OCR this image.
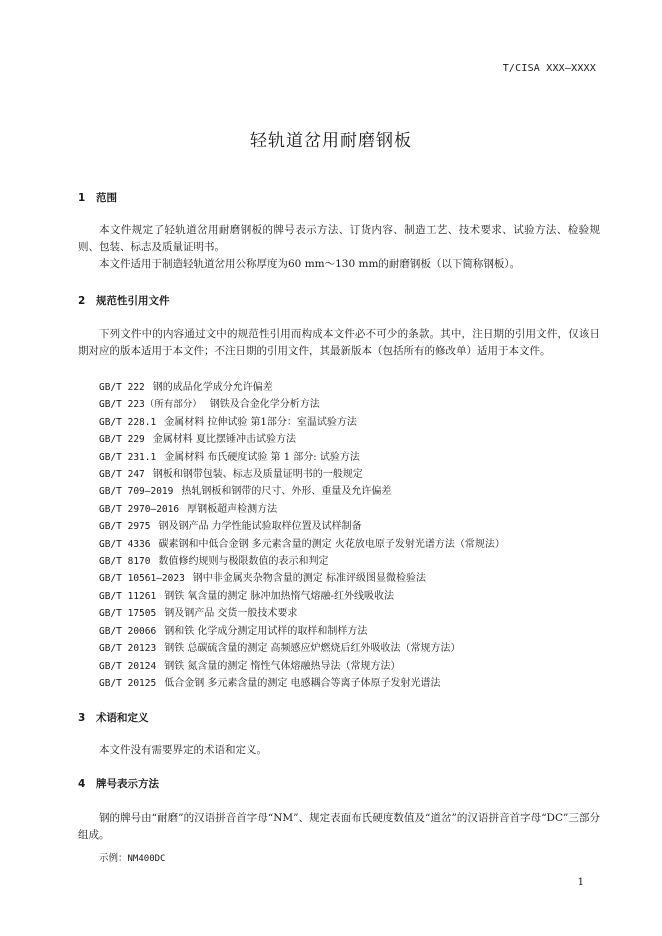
T/CISA XXX—XXXX
轻轨道岔用耐磨钢板
1 范围
本文件规定了轻轨道岔用耐磨钢板的牌号表示方法、订货内容、制造工艺、技术要求、试验方法、检验规则、包装、标志及质量证明书。
本文件适用于制造轻轨道岔用公称厚度为60 mm～130 mm的耐磨钢板（以下简称钢板）。
2 规范性引用文件
下列文件中的内容通过文中的规范性引用而构成本文件必不可少的条款。其中，注日期的引用文件，仅该日期对应的版本适用于本文件；不注日期的引用文件，其最新版本（包括所有的修改单）适用于本文件。
GB/T 222 钢的成品化学成分允许偏差
GB/T 223（所有部分） 钢铁及合金化学分析方法
GB/T 228.1 金属材料 拉伸试验 第1部分：室温试验方法
GB/T 229 金属材料 夏比摆锤冲击试验方法
GB/T 231.1 金属材料 布氏硬度试验 第 1 部分: 试验方法
GB/T 247 钢板和钢带包装、标志及质量证明书的一般规定
GB/T 709—2019 热轧钢板和钢带的尺寸、外形、重量及允许偏差
GB/T 2970—2016 厚钢板超声检测方法
GB/T 2975 钢及钢产品 力学性能试验取样位置及试样制备
GB/T 4336 碳素钢和中低合金钢 多元素含量的测定 火花放电原子发射光谱方法（常规法）
GB/T 8170 数值修约规则与极限数值的表示和判定
GB/T 10561—2023 钢中非金属夹杂物含量的测定 标准评级图显微检验法
GB/T 11261 钢铁 氧含量的测定 脉冲加热惰气熔融-红外线吸收法
GB/T 17505 钢及钢产品 交货一般技术要求
GB/T 20066 钢和铁 化学成分测定用试样的取样和制样方法
GB/T 20123 钢铁 总碳硫含量的测定 高频感应炉燃烧后红外吸收法（常规方法）
GB/T 20124 钢铁 氮含量的测定 惰性气体熔融热导法（常规方法）
GB/T 20125 低合金钢 多元素含量的测定 电感耦合等离子体原子发射光谱法
3 术语和定义
本文件没有需要界定的术语和定义。
4 牌号表示方法
钢的牌号由“耐磨”的汉语拼音首字母“NM”、规定表面布氏硬度数值及“道岔”的汉语拼音首字母“DC”三部分组成。
示例：NM400DC
1
